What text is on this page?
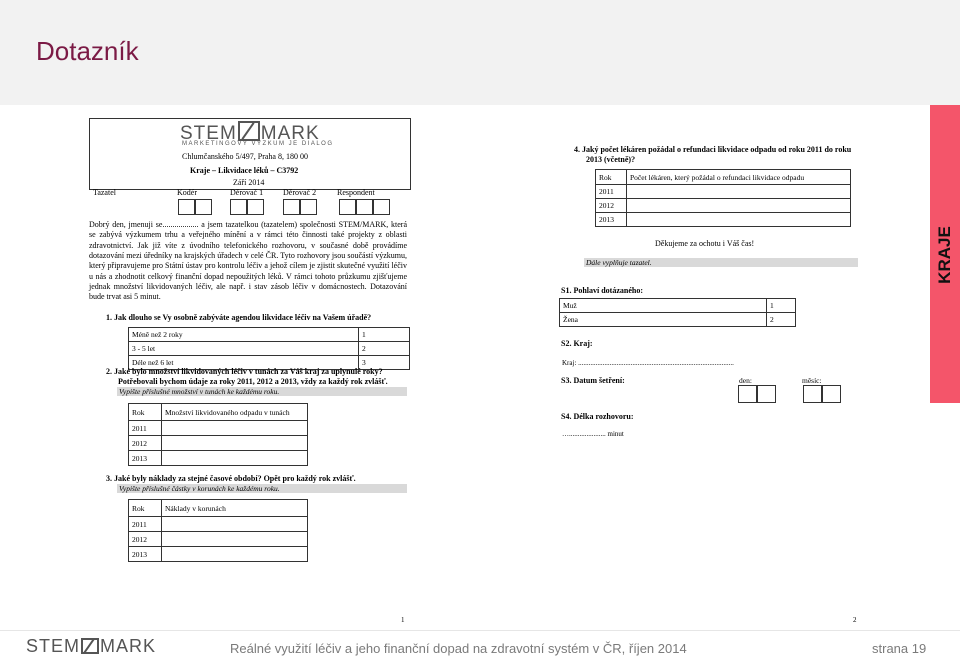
Dotazník
KRAJE
STEM MARK
MARKETINGOVÝ VÝZKUM JE DIALOG
Chlumčanského 5/497, Praha 8, 180 00
Kraje – Likvidace léků – C3792
Září 2014
Tazatel	Kodér	Děrovač 1 Děrovač 2	Respondent
Dobrý den, jmenuji se.................. a jsem tazatelkou (tazatelem) společnosti STEM/MARK, která se zabývá výzkumem trhu a veřejného mínění a v rámci této činnosti také projekty z oblasti zdravotnictví. Jak již víte z úvodního telefonického rozhovoru, v současné době provádíme dotazování mezi úředníky na krajských úřadech v celé ČR. Tyto rozhovory jsou součástí výzkumu, který připravujeme pro Státní ústav pro kontrolu léčiv a jehož cílem je zjistit skutečné využití léčiv u nás a zhodnotit celkový finanční dopad nepoužitých léků. V rámci tohoto průzkumu zjišťujeme jednak množství likvidovaných léčiv, ale např. i stav zásob léčiv v domácnostech. Dotazování bude trvat asi 5 minut.
1. Jak dlouho se Vy osobně zabýváte agendou likvidace léčiv na Vašem úřadě?
Méně než 2 roky	1
3 - 5 let	2
Déle než 6 let	3
2. Jaké bylo množství likvidovaných léčiv v tunách za Váš kraj za uplynulé roky?
Potřebovali bychom údaje za roky 2011, 2012 a 2013, vždy za každý rok zvlášť.
Vypište příslušné množství v tunách ke každému roku.
Rok	Množství likvidovaného odpadu v tunách
2011	
2012	
2013	
3. Jaké byly náklady za stejné časové období? Opět pro každý rok zvlášť.
Vypište příslušné částky v korunách ke každému roku.
Rok	Náklady v korunách
2011	
2012	
2013	
1
4. Jaký počet lékáren požádal o refundaci likvidace odpadu od roku 2011 do roku
2013 (včetně)?
Rok	Počet lékáren, který požádal o refundaci likvidace odpadu
2011	
2012	
2013	
Děkujeme za ochotu i Váš čas!
Dále vyplňuje tazatel.
S1. Pohlaví dotázaného:
Muž	1
Žena	2
S2. Kraj:
Kraj: .........................................................................................
S3. Datum šetření:	den:	měsíc:
S4. Délka rozhovoru:
…..................... minut
2
STEM MARK	Reálné využití léčiv a jeho finanční dopad na zdravotní systém v ČR, říjen 2014	strana 19
